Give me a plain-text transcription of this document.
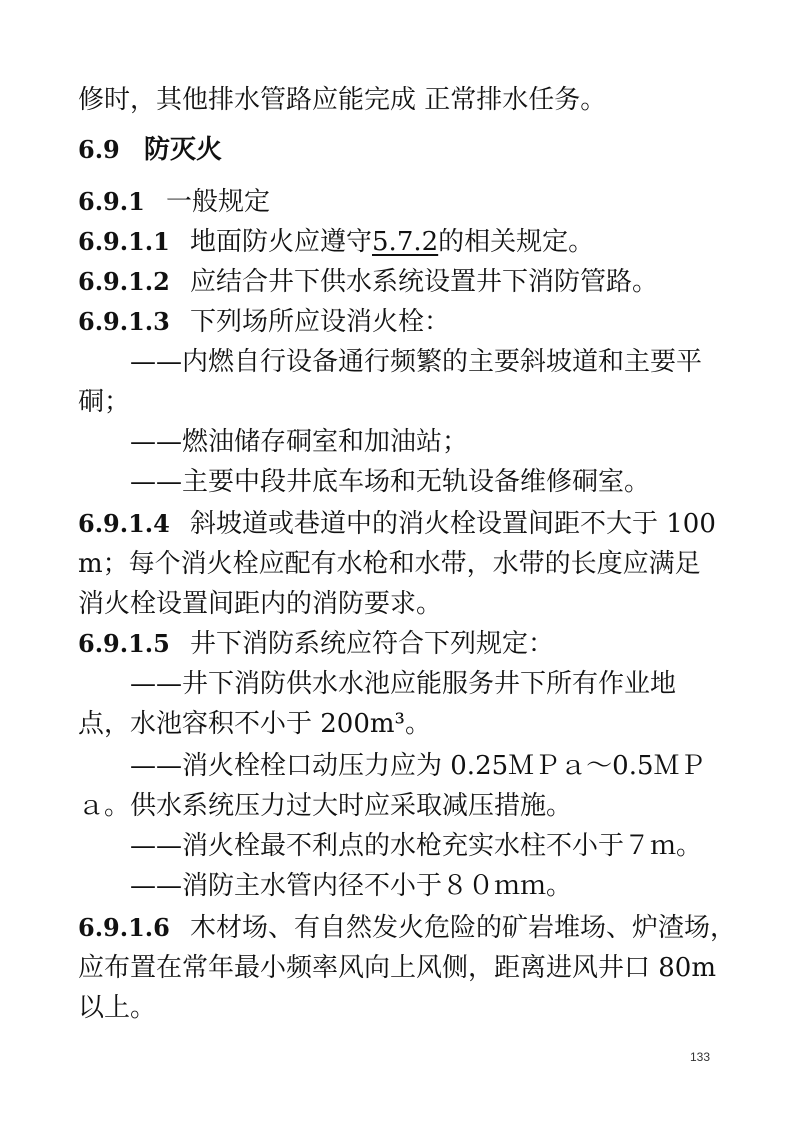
修时，其他排水管路应能完成 正常排水任务。
6.9 防灭火
6.9.1 一般规定
6.9.1.1 地面防火应遵守5.7.2的相关规定。
6.9.1.2 应结合井下供水系统设置井下消防管路。
6.9.1.3 下列场所应设消火栓：
——内燃自行设备通行频繁的主要斜坡道和主要平
硐；
——燃油储存硐室和加油站；
——主要中段井底车场和无轨设备维修硐室。
6.9.1.4 斜坡道或巷道中的消火栓设置间距不大于 100
m；每个消火栓应配有水枪和水带，水带的长度应满足
消火栓设置间距内的消防要求。
6.9.1.5 井下消防系统应符合下列规定：
——井下消防供水水池应能服务井下所有作业地
点，水池容积不小于 200m³。
——消火栓栓口动压力应为 0.25ＭＰａ～0.5ＭＰ
ａ。供水系统压力过大时应采取减压措施。
——消火栓最不利点的水枪充实水柱不小于７ｍ。
——消防主水管内径不小于８０ｍｍ。
6.9.1.6 木材场、有自然发火危险的矿岩堆场、炉渣场，
应布置在常年最小频率风向上风侧，距离进风井口 80m
以上。
133
